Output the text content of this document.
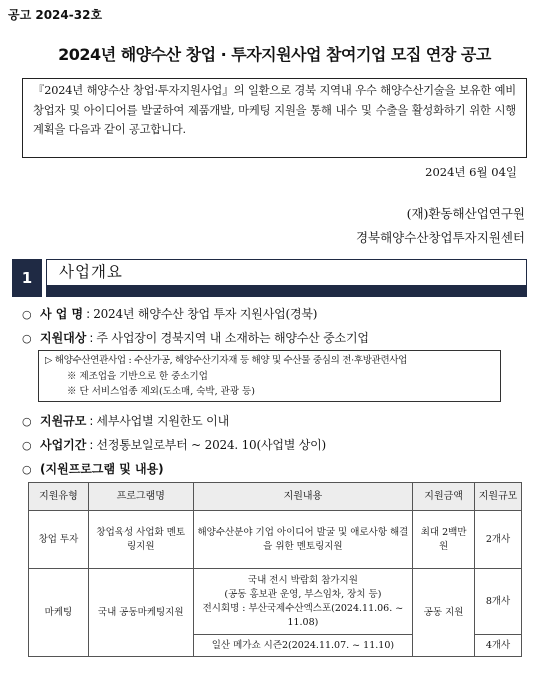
공고 2024-32호
2024년 해양수산 창업 · 투자지원사업 참여기업 모집 연장 공고

『2024년 해양수산 창업·투자지원사업』의 일환으로 경북 지역내 우수 해양수산기술을 보유한 예비창업자 및 아이디어를 발굴하여 제품개발, 마케팅 지원을 통해 내수 및 수출을 활성화하기 위한 시행 계획을 다음과 같이 공고합니다.

2024년 6월 04일
(재)환동해산업연구원
경북해양수산창업투자지원센터
1	사업개요
○ 사 업 명 : 2024년 해양수산 창업 투자 지원사업(경북)
○ 지원대상 : 주 사업장이 경북지역 내 소재하는 해양수산 중소기업
▷ 해양수산연관사업 : 수산가공, 해양수산기자재 등 해양 및 수산물 중심의 전·후방관련사업
※ 제조업을 기반으로 한 중소기업
※ 단 서비스업종 제외(도소매, 숙박, 관광 등)
○ 지원규모 : 세부사업별 지원한도 이내
○ 사업기간 : 선정통보일로부터 ~ 2024. 10(사업별 상이)
○ (지원프로그램 및 내용)
지원유형	프로그램명	지원내용	지원금액	지원규모
창업 투자	창업육성 사업화 멘토링지원	해양수산분야 기업 아이디어 발굴 및 애로사항 해결을 위한 멘토링지원	최대 2백만원	2개사
마케팅	국내 공동마케팅지원	국내 전시 박람회 참가지원
(공동 홍보관 운영, 부스임차, 장치 등)
전시회명 : 부산국제수산엑스포(2024.11.06. ~ 11.08)	공동 지원	8개사
		일산 메가쇼 시즌2(2024.11.07. ~ 11.10)		4개사
